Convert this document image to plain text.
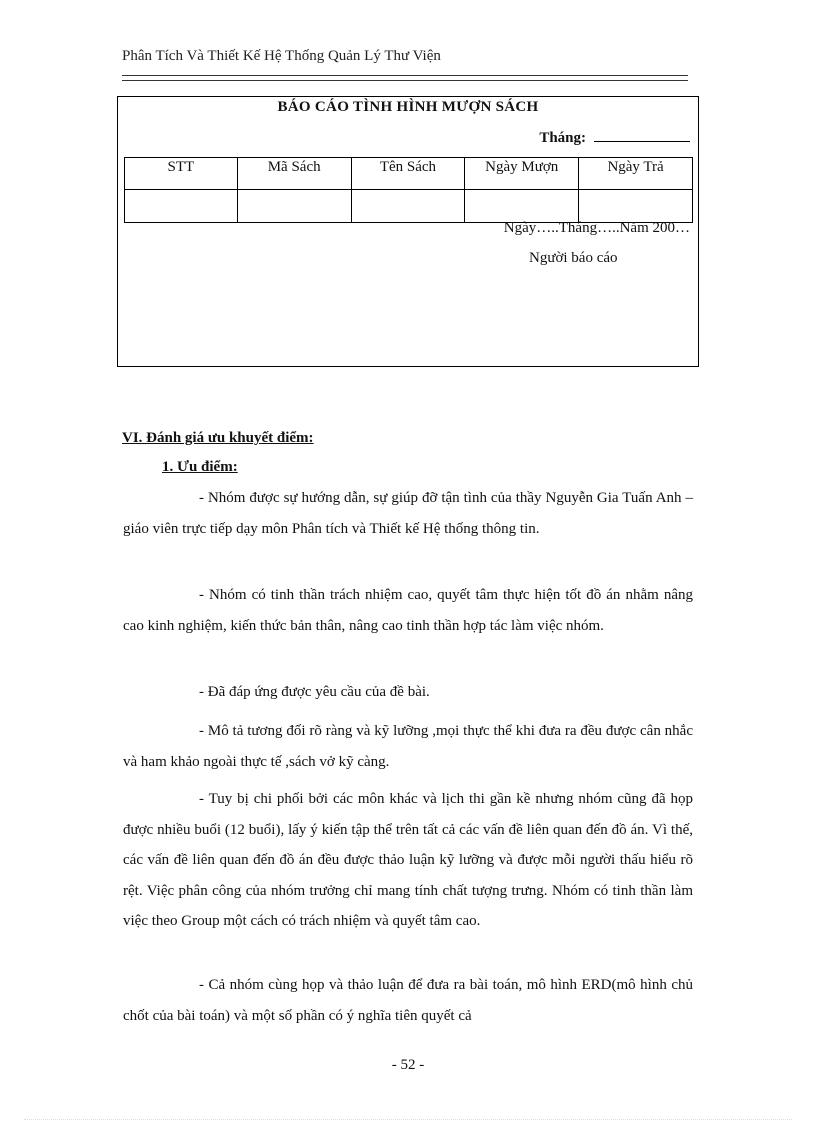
Phân Tích Và Thiết Kế Hệ Thống Quản Lý Thư Viện
BÁO CÁO TÌNH HÌNH MƯỢN SÁCH
Tháng:
STT	Mã Sách	Tên Sách	Ngày Mượn	Ngày Trả

Ngày…..Tháng…..Năm 200…
Người báo cáo
VI. Đánh giá ưu khuyết điểm:
1. Ưu điểm:

- Nhóm được sự hướng dẫn, sự giúp đỡ tận tình của thầy Nguyễn Gia Tuấn Anh – giáo viên trực tiếp dạy môn Phân tích và Thiết kế Hệ thống thông tin.

- Nhóm có tinh thần trách nhiệm cao, quyết tâm thực hiện tốt đồ án nhằm nâng cao kinh nghiệm, kiến thức bản thân, nâng cao tinh thần hợp tác làm việc nhóm.

- Đã đáp ứng được yêu cầu của đề bài.

- Mô tả tương đối rõ ràng và kỹ lưỡng ,mọi thực thể khi đưa ra đều được cân nhắc và ham khảo ngoài thực tế ,sách vở kỹ càng.

- Tuy bị chi phối bởi các môn khác và lịch thi gần kề nhưng nhóm cũng đã họp được nhiều buổi (12 buổi), lấy ý kiến tập thể trên tất cả các vấn đề liên quan đến đồ án. Vì thế, các vấn đề liên quan đến đồ án đều được thảo luận kỹ lưỡng và được mỗi người thấu hiểu rõ rệt. Việc phân công của nhóm trưởng chỉ mang tính chất tượng trưng. Nhóm có tinh thần làm việc theo Group một cách có trách nhiệm và quyết tâm cao.

- Cả nhóm cùng họp và thảo luận để đưa ra bài toán, mô hình ERD(mô hình chủ chốt của bài toán) và một số phần có ý nghĩa tiên quyết cả

- 52 -
